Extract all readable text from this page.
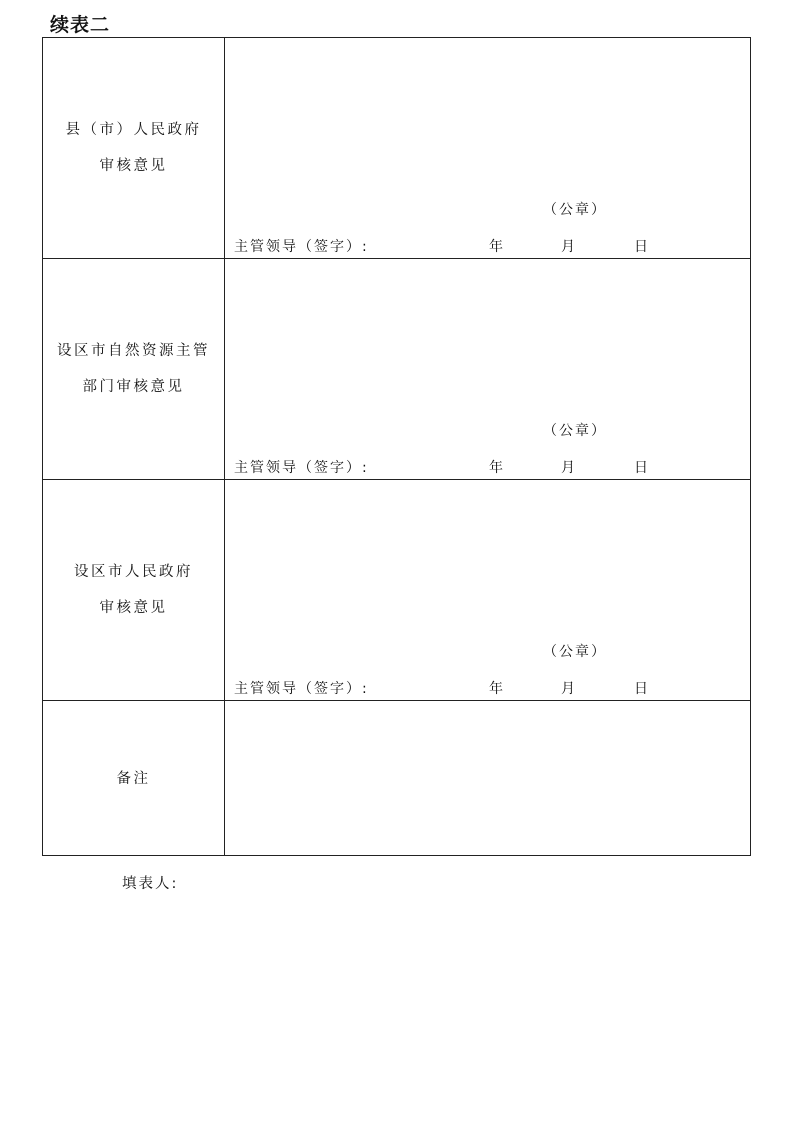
续表二
县（市）人民政府
审核意见
（公章）
主管领导（签字）:	年	月	日
设区市自然资源主管
部门审核意见
（公章）
主管领导（签字）:	年	月	日
设区市人民政府
审核意见
（公章）
主管领导（签字）:	年	月	日
备注
填表人:
